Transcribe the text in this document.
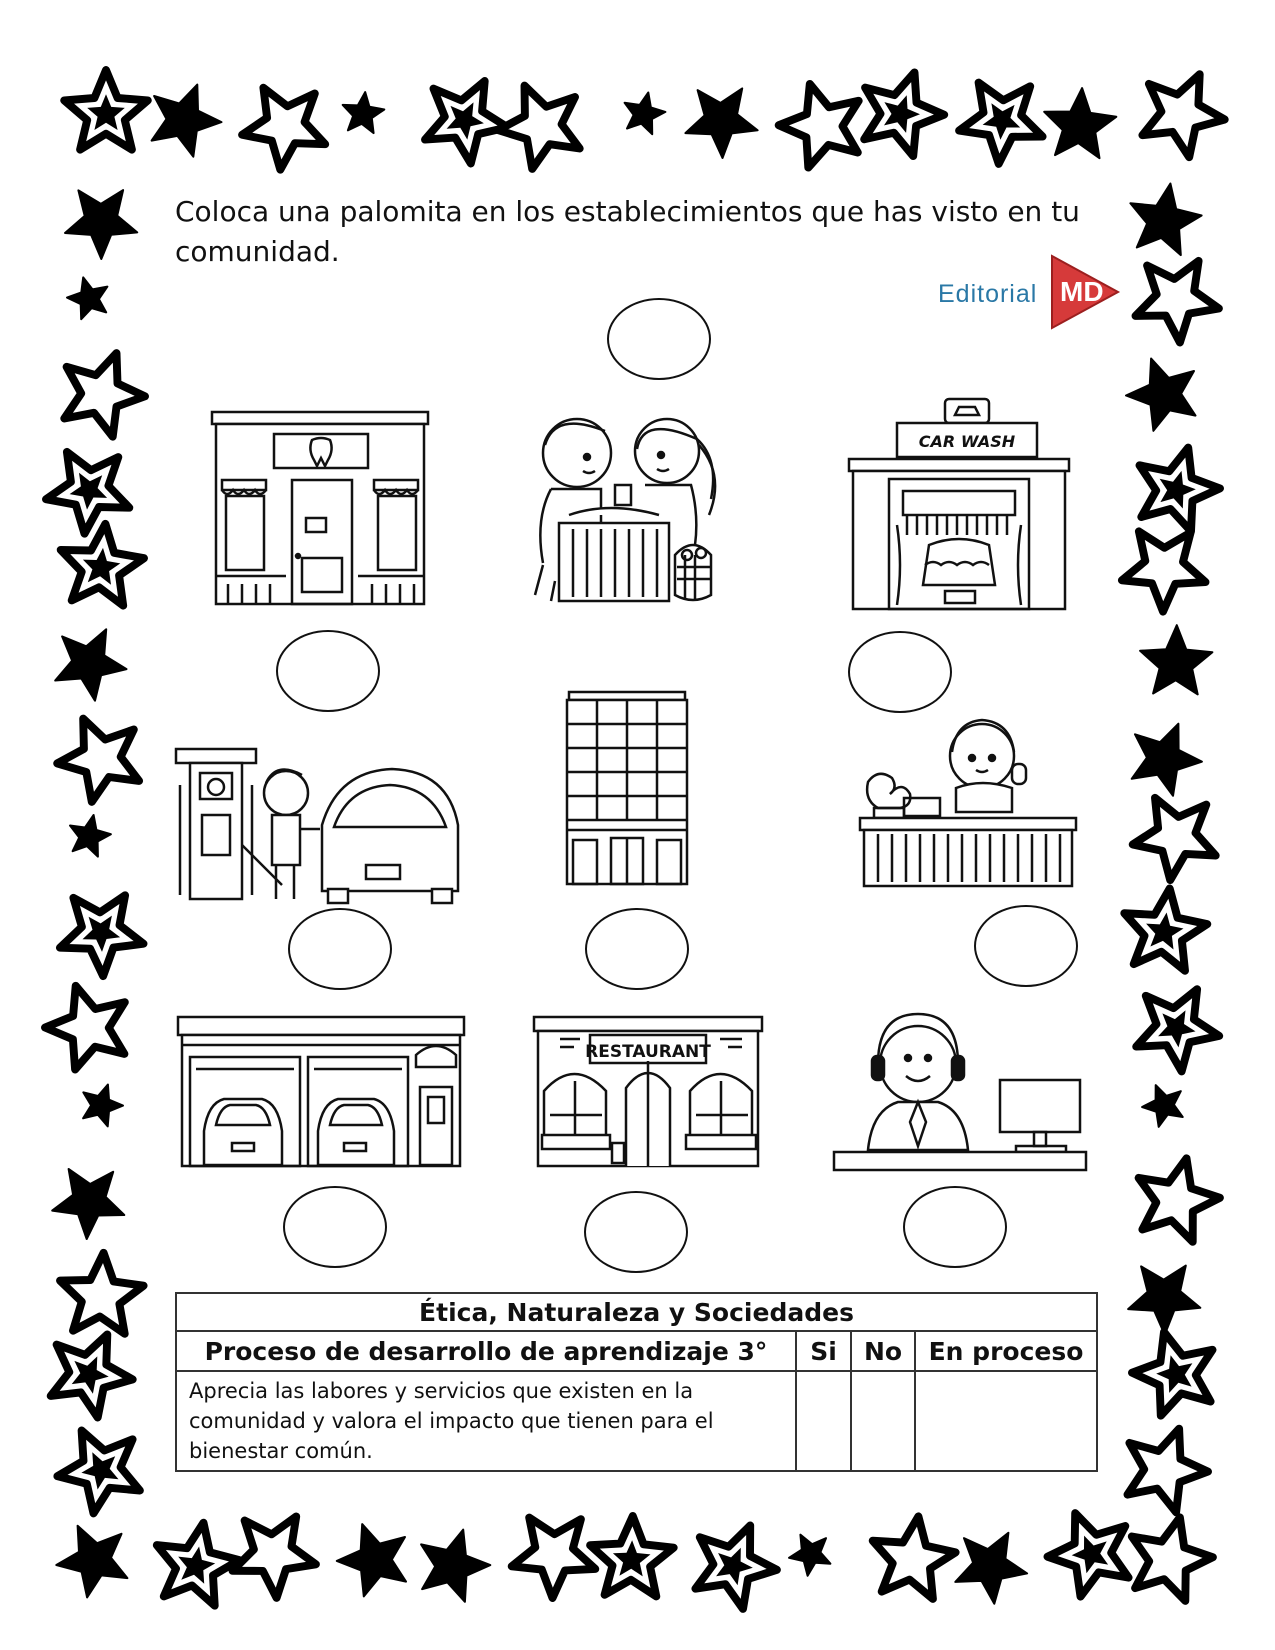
Coloca una palomita en los establecimientos que has visto en tu comunidad.

Editorial MD
CAR WASH
RESTAURANT
Ética, Naturaleza y Sociedades			
Proceso de desarrollo de aprendizaje 3°	Si	No	En proceso
Aprecia las labores y servicios que existen en la comunidad y valora el impacto que tienen para el bienestar común.			
